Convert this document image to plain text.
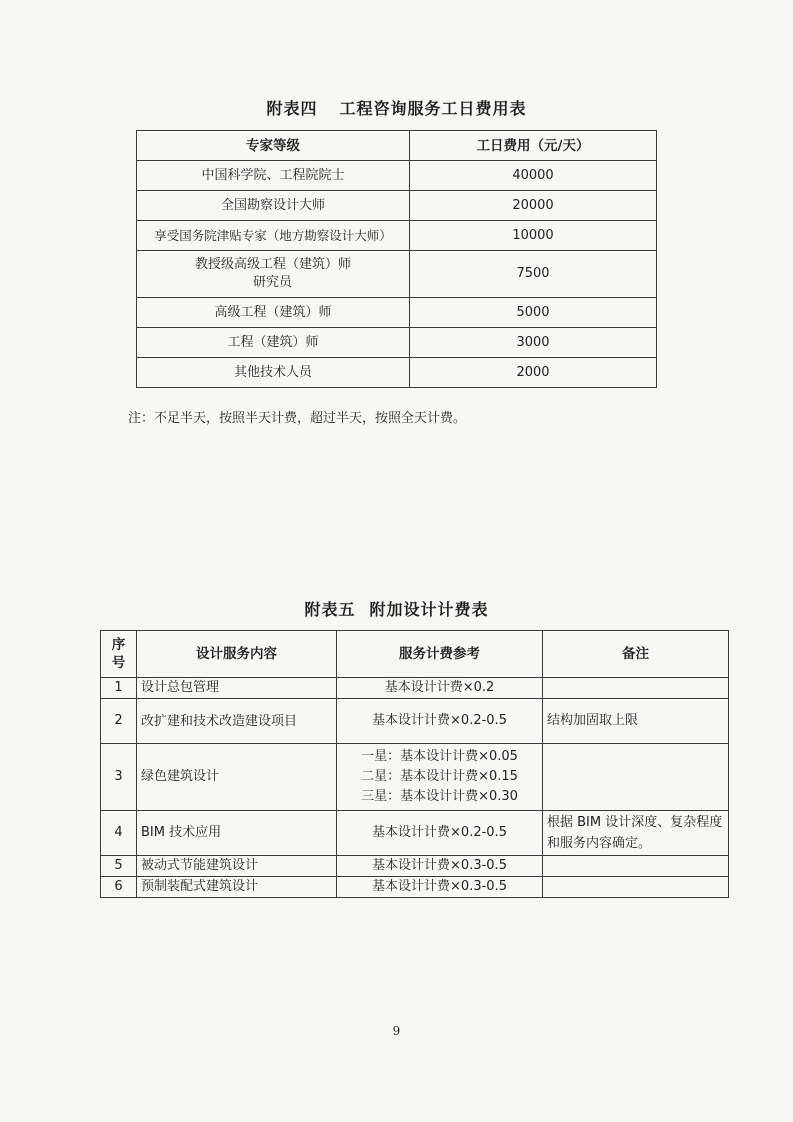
附表四 工程咨询服务工日费用表
专家等级	工日费用（元/天）
中国科学院、工程院院士	40000
全国勘察设计大师	20000
享受国务院津贴专家（地方勘察设计大师）	10000

教授级高级工程（建筑）师
研究员	7500
高级工程（建筑）师	5000
工程（建筑）师	3000
其他技术人员	2000
注：不足半天，按照半天计费，超过半天，按照全天计费。
附表五 附加设计计费表
序
号	设计服务内容	服务计费参考	备注
1	设计总包管理	基本设计计费×0.2	

2	改扩建和技术改造建设项目	基本设计计费×0.2-0.5	结构加固取上限
3	绿色建筑设计	一星：基本设计计费×0.05
二星：基本设计计费×0.15
三星：基本设计计费×0.30	

4	BIM 技术应用	基本设计计费×0.2-0.5	根据 BIM 设计深度、复杂程度和服务内容确定。
5	被动式节能建筑设计	基本设计计费×0.3-0.5	

6	预制装配式建筑设计	基本设计计费×0.3-0.5	

9
